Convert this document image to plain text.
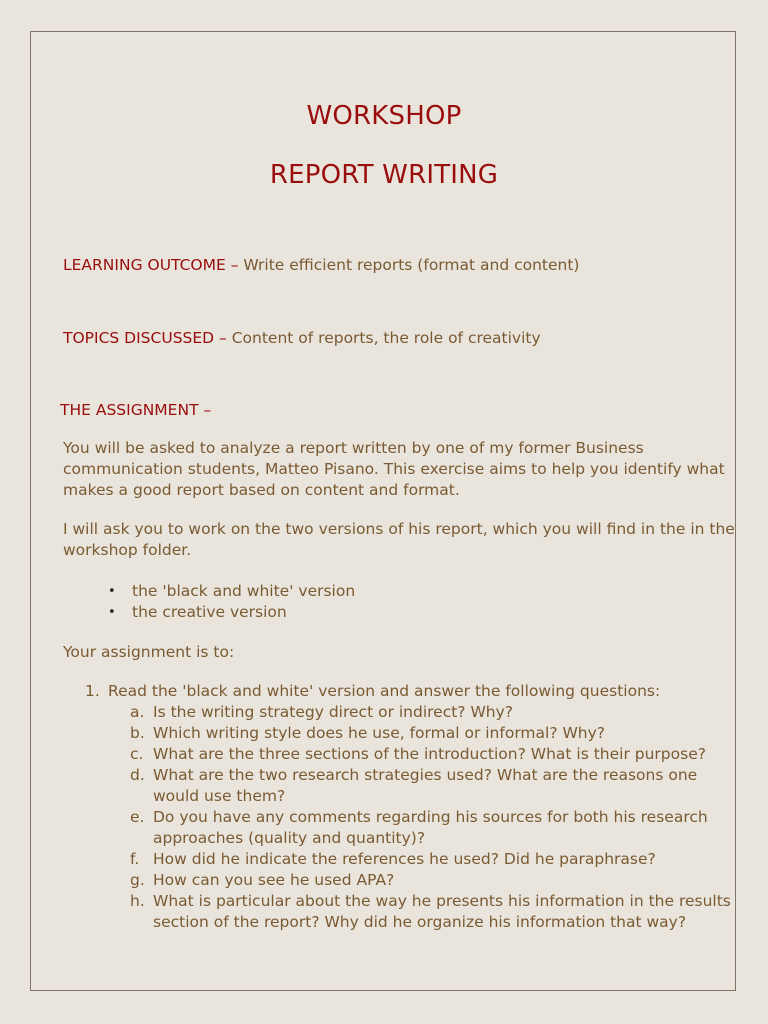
WORKSHOP
REPORT WRITING
LEARNING OUTCOME – Write efficient reports (format and content)
TOPICS DISCUSSED – Content of reports, the role of creativity
THE ASSIGNMENT –
You will be asked to analyze a report written by one of my former Business communication students, Matteo Pisano. This exercise aims to help you identify what makes a good report based on content and format.
I will ask you to work on the two versions of his report, which you will find in the in the workshop folder.
• the 'black and white' version
• the creative version
Your assignment is to:
1. Read the 'black and white' version and answer the following questions:
a. Is the writing strategy direct or indirect? Why?
b. Which writing style does he use, formal or informal? Why?
c. What are the three sections of the introduction? What is their purpose?
d. What are the two research strategies used? What are the reasons one would use them?
e. Do you have any comments regarding his sources for both his research approaches (quality and quantity)?
f. How did he indicate the references he used? Did he paraphrase?
g. How can you see he used APA?
h. What is particular about the way he presents his information in the results section of the report? Why did he organize his information that way?
